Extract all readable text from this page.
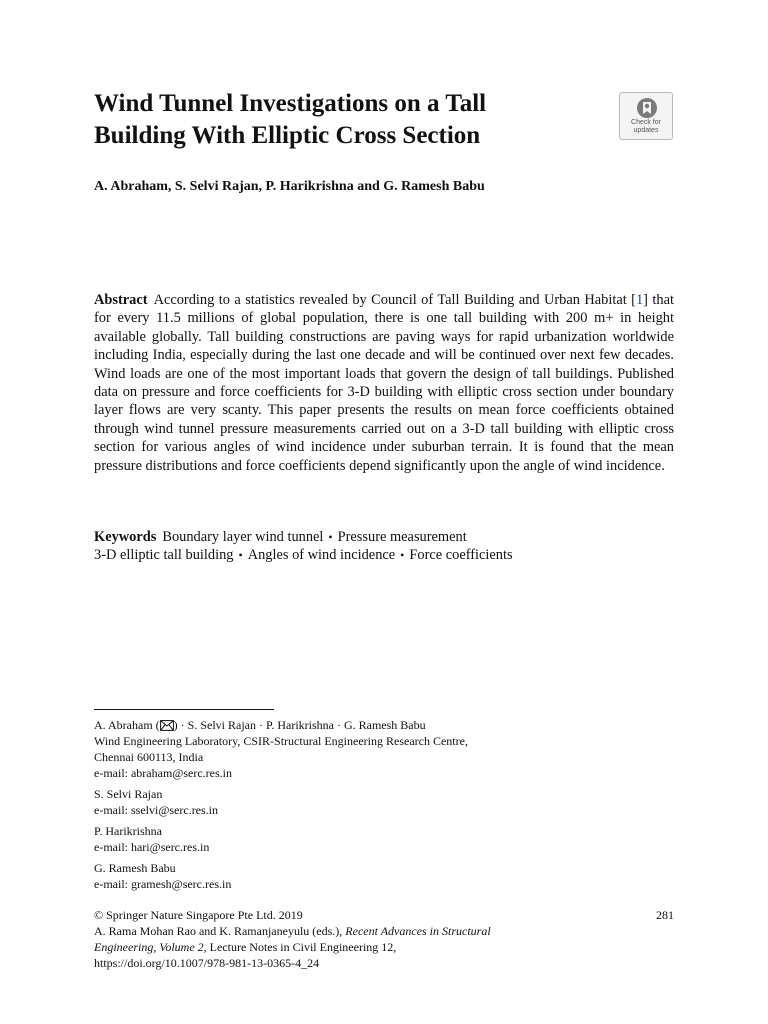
Wind Tunnel Investigations on a Tall
Building With Elliptic Cross Section	Check for
updates

A. Abraham, S. Selvi Rajan, P. Harikrishna and G. Ramesh Babu

Abstract According to a statistics revealed by Council of Tall Building and Urban Habitat [1] that for every 11.5 millions of global population, there is one tall building with 200 m+ in height available globally. Tall building constructions are paving ways for rapid urbanization worldwide including India, especially during the last one decade and will be continued over next few decades. Wind loads are one of the most important loads that govern the design of tall buildings. Published data on pressure and force coefficients for 3-D building with elliptic cross section under boundary layer flows are very scanty. This paper presents the results on mean force coefficients obtained through wind tunnel pressure measurements carried out on a 3-D tall building with elliptic cross section for various angles of wind incidence under suburban terrain. It is found that the mean pressure distributions and force coefficients depend significantly upon the angle of wind incidence.

Keywords Boundary layer wind tunnel • Pressure measurement
3-D elliptic tall building • Angles of wind incidence • Force coefficients

A. Abraham ( ) · S. Selvi Rajan · P. Harikrishna · G. Ramesh Babu
Wind Engineering Laboratory, CSIR-Structural Engineering Research Centre,
Chennai 600113, India
e-mail: abraham@serc.res.in

S. Selvi Rajan
e-mail: sselvi@serc.res.in

P. Harikrishna
e-mail: hari@serc.res.in

G. Ramesh Babu
e-mail: gramesh@serc.res.in

281

© Springer Nature Singapore Pte Ltd. 2019

A. Rama Mohan Rao and K. Ramanjaneyulu (eds.), Recent Advances in Structural

Engineering, Volume 2, Lecture Notes in Civil Engineering 12,

https://doi.org/10.1007/978-981-13-0365-4_24
